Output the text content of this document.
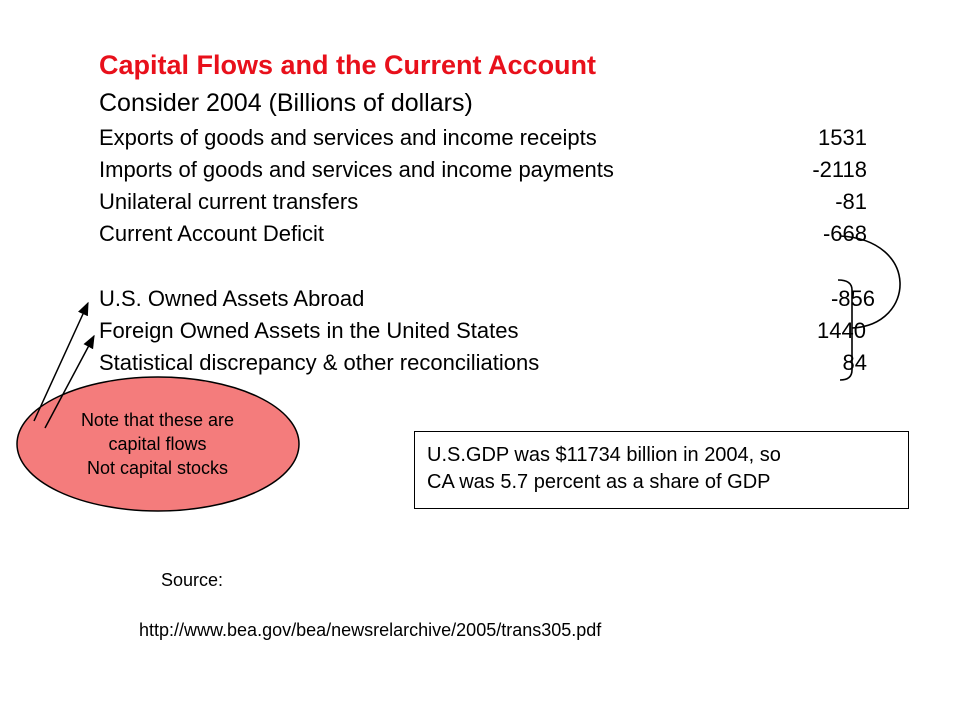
Capital Flows and the Current Account
Consider 2004 (Billions of dollars)
Exports of goods and services and income receipts	1531
Imports of goods and services and income payments	-2118
Unilateral current transfers	-81
Current Account Deficit	-668
U.S. Owned Assets Abroad	-856
Foreign Owned Assets in the United States	1440
Statistical discrepancy & other reconciliations	84
Note that these are
capital flows
Not capital stocks
U.S.GDP was $11734 billion in 2004, so
CA was 5.7 percent as a share of GDP
Source:
http://www.bea.gov/bea/newsrelarchive/2005/trans305.pdf
